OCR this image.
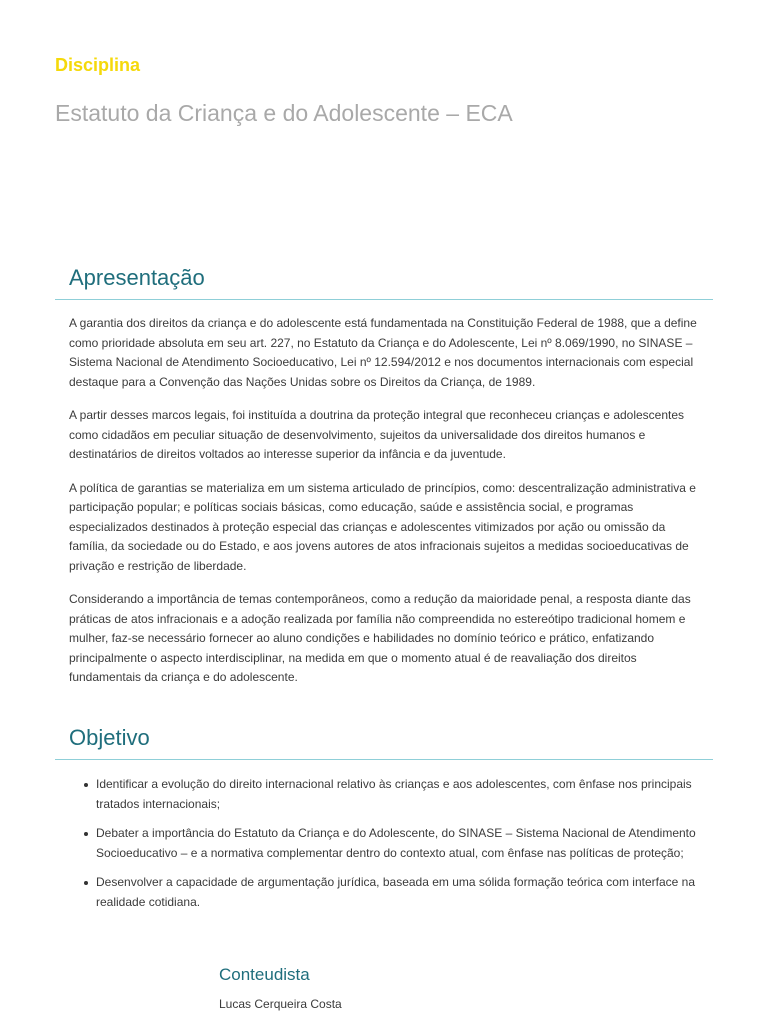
Disciplina

Estatuto da Criança e do Adolescente – ECA
Apresentação

A garantia dos direitos da criança e do adolescente está fundamentada na Constituição Federal de 1988, que a define como prioridade absoluta em seu art. 227, no Estatuto da Criança e do Adolescente, Lei nº 8.069/1990, no SINASE – Sistema Nacional de Atendimento Socioeducativo, Lei nº 12.594/2012 e nos documentos internacionais com especial destaque para a Convenção das Nações Unidas sobre os Direitos da Criança, de 1989.

A partir desses marcos legais, foi instituída a doutrina da proteção integral que reconheceu crianças e adolescentes como cidadãos em peculiar situação de desenvolvimento, sujeitos da universalidade dos direitos humanos e destinatários de direitos voltados ao interesse superior da infância e da juventude.

A política de garantias se materializa em um sistema articulado de princípios, como: descentralização administrativa e participação popular; e políticas sociais básicas, como educação, saúde e assistência social, e programas especializados destinados à proteção especial das crianças e adolescentes vitimizados por ação ou omissão da família, da sociedade ou do Estado, e aos jovens autores de atos infracionais sujeitos a medidas socioeducativas de privação e restrição de liberdade.

Considerando a importância de temas contemporâneos, como a redução da maioridade penal, a resposta diante das práticas de atos infracionais e a adoção realizada por família não compreendida no estereótipo tradicional homem e mulher, faz-se necessário fornecer ao aluno condições e habilidades no domínio teórico e prático, enfatizando principalmente o aspecto interdisciplinar, na medida em que o momento atual é de reavaliação dos direitos fundamentais da criança e do adolescente.

Objetivo
Identificar a evolução do direito internacional relativo às crianças e aos adolescentes, com ênfase nos principais tratados internacionais;
Debater a importância do Estatuto da Criança e do Adolescente, do SINASE – Sistema Nacional de Atendimento Socioeducativo – e a normativa complementar dentro do contexto atual, com ênfase nas políticas de proteção;
Desenvolver a capacidade de argumentação jurídica, baseada em uma sólida formação teórica com interface na realidade cotidiana.
Conteudista

Lucas Cerqueira Costa
